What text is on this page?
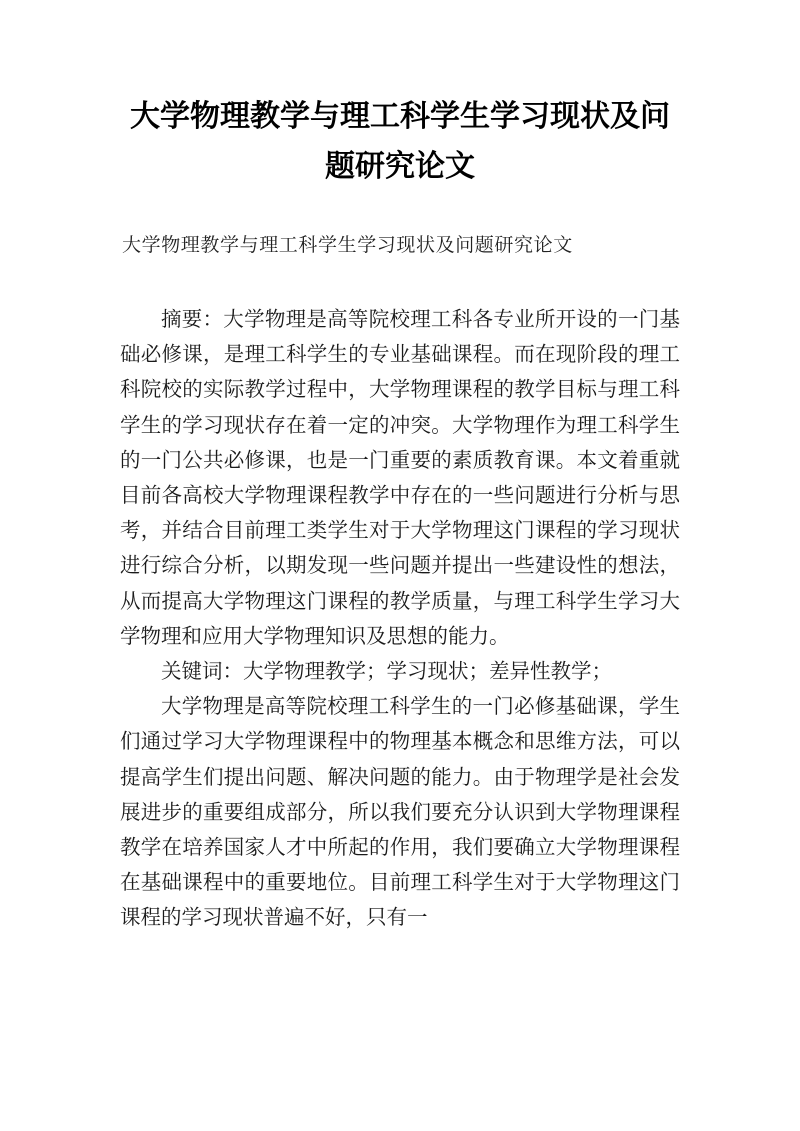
大学物理教学与理工科学生学习现状及问
题研究论文

大学物理教学与理工科学生学习现状及问题研究论文

摘要：大学物理是高等院校理工科各专业所开设的一门基础必修课，是理工科学生的专业基础课程。而在现阶段的理工科院校的实际教学过程中，大学物理课程的教学目标与理工科学生的学习现状存在着一定的冲突。大学物理作为理工科学生的一门公共必修课，也是一门重要的素质教育课。本文着重就目前各高校大学物理课程教学中存在的一些问题进行分析与思考，并结合目前理工类学生对于大学物理这门课程的学习现状进行综合分析，以期发现一些问题并提出一些建设性的想法，从而提高大学物理这门课程的教学质量，与理工科学生学习大学物理和应用大学物理知识及思想的能力。

关键词：大学物理教学；学习现状；差异性教学；

大学物理是高等院校理工科学生的一门必修基础课，学生们通过学习大学物理课程中的物理基本概念和思维方法，可以提高学生们提出问题、解决问题的能力。由于物理学是社会发展进步的重要组成部分，所以我们要充分认识到大学物理课程教学在培养国家人才中所起的作用，我们要确立大学物理课程在基础课程中的重要地位。目前理工科学生对于大学物理这门课程的学习现状普遍不好，只有一
